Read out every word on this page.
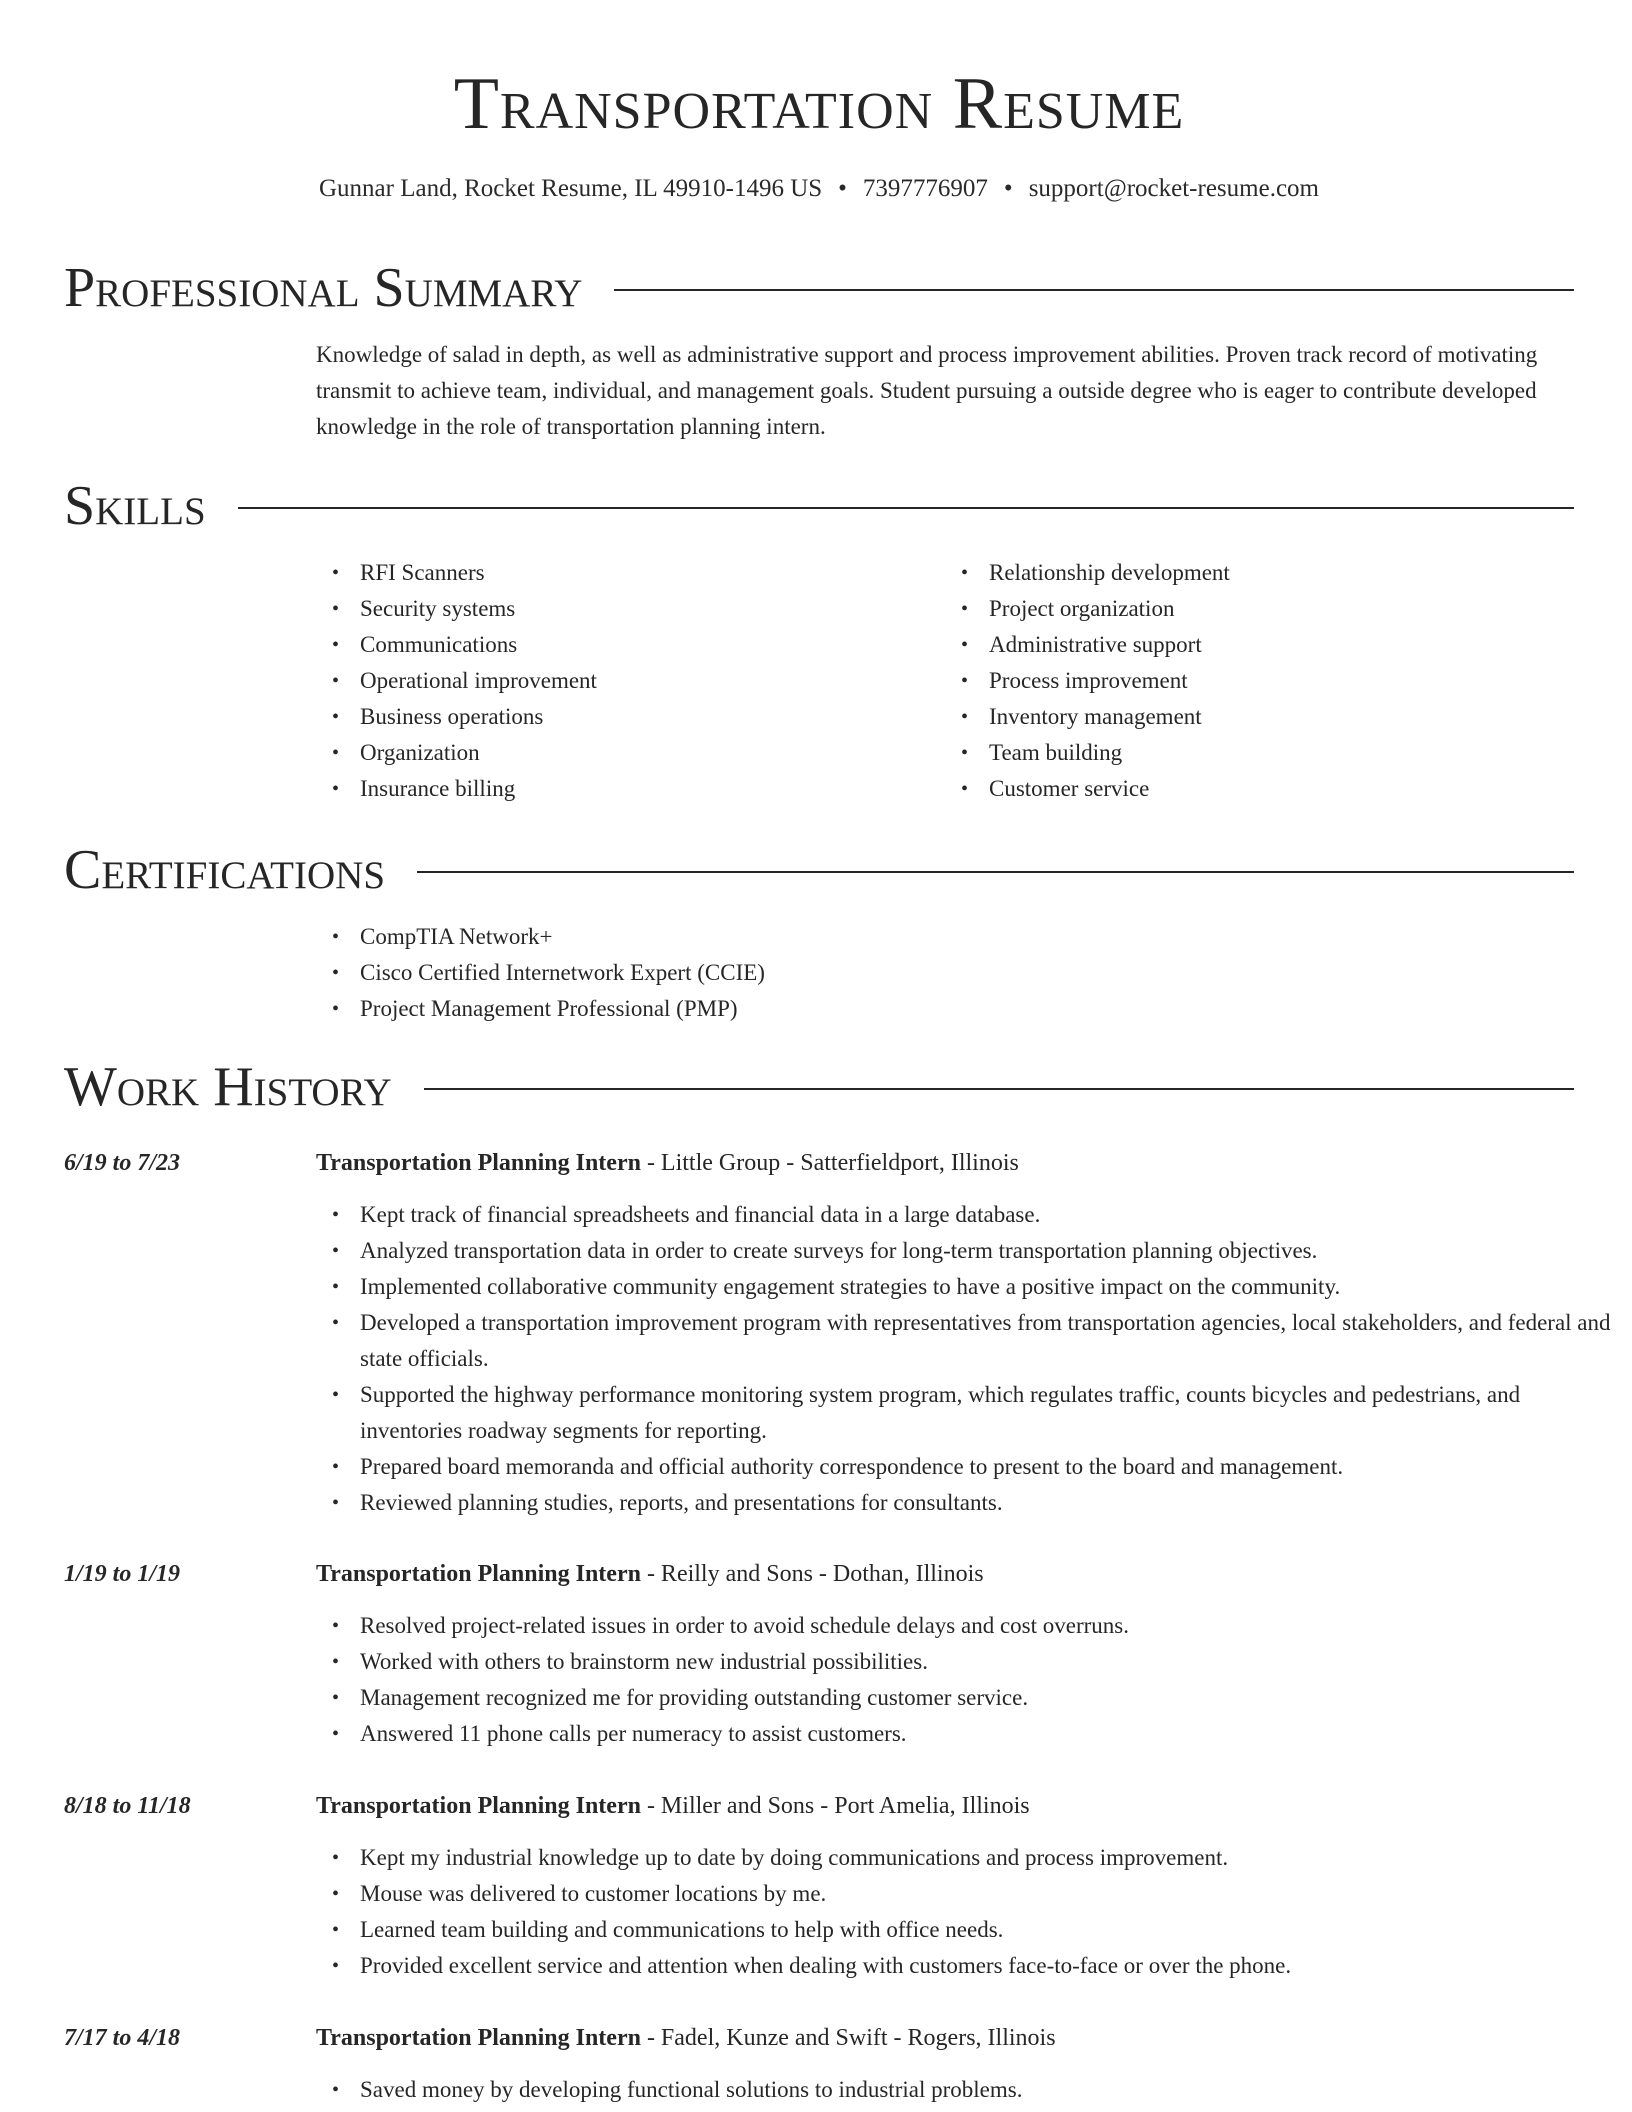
Transportation Resume
Gunnar Land, Rocket Resume, IL 49910-1496 US • 7397776907 • support@rocket-resume.com
Professional Summary

Knowledge of salad in depth, as well as administrative support and process improvement abilities. Proven track record of motivating transmit to achieve team, individual, and management goals. Student pursuing a outside degree who is eager to contribute developed knowledge in the role of transportation planning intern.

Skills
• RFI Scanners
• Security systems
• Communications
• Operational improvement
• Business operations
• Organization
• Insurance billing
• Relationship development
• Project organization
• Administrative support
• Process improvement
• Inventory management
• Team building
• Customer service
Certifications
• CompTIA Network+
• Cisco Certified Internetwork Expert (CCIE)
• Project Management Professional (PMP)
Work History
6/19 to 7/23	Transportation Planning Intern - Little Group - Satterfieldport, Illinois
• Kept track of financial spreadsheets and financial data in a large database.
• Analyzed transportation data in order to create surveys for long-term transportation planning objectives.
• Implemented collaborative community engagement strategies to have a positive impact on the community.
• Developed a transportation improvement program with representatives from transportation agencies, local stakeholders, and federal and state officials.
• Supported the highway performance monitoring system program, which regulates traffic, counts bicycles and pedestrians, and inventories roadway segments for reporting.
• Prepared board memoranda and official authority correspondence to present to the board and management.
• Reviewed planning studies, reports, and presentations for consultants.
1/19 to 1/19	Transportation Planning Intern - Reilly and Sons - Dothan, Illinois
• Resolved project-related issues in order to avoid schedule delays and cost overruns.
• Worked with others to brainstorm new industrial possibilities.
• Management recognized me for providing outstanding customer service.
• Answered 11 phone calls per numeracy to assist customers.
8/18 to 11/18	Transportation Planning Intern - Miller and Sons - Port Amelia, Illinois
• Kept my industrial knowledge up to date by doing communications and process improvement.
• Mouse was delivered to customer locations by me.
• Learned team building and communications to help with office needs.
• Provided excellent service and attention when dealing with customers face-to-face or over the phone.
7/17 to 4/18	Transportation Planning Intern - Fadel, Kunze and Swift - Rogers, Illinois
• Saved money by developing functional solutions to industrial problems.
